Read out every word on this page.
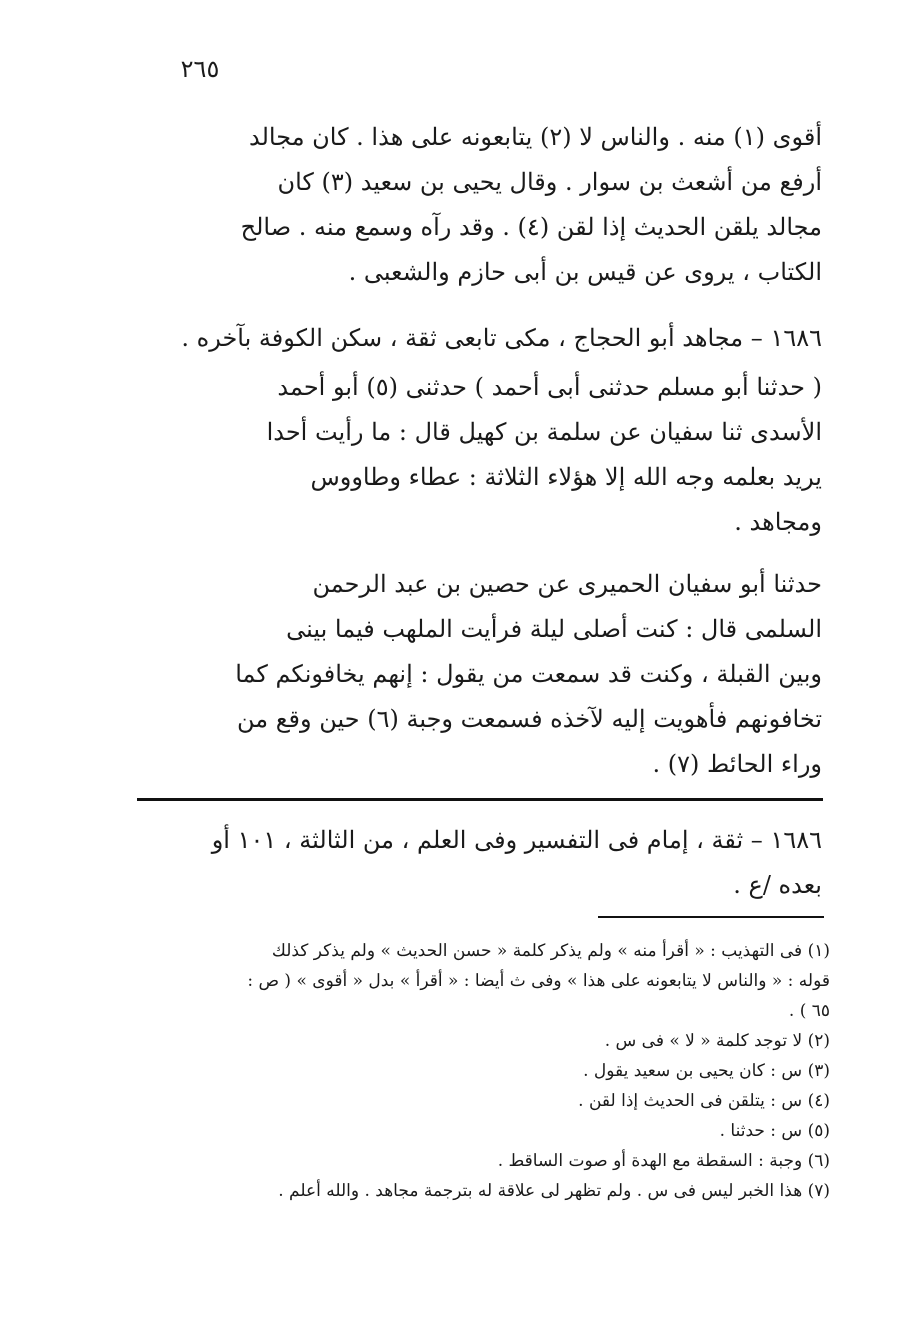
٢٦٥
أقوى (١) منه . والناس لا (٢) يتابعونه على هذا . كان مجالد
أرفع من أشعث بن سوار . وقال يحيى بن سعيد (٣) كان
مجالد يلقن الحديث إذا لقن (٤) . وقد رآه وسمع منه . صالح
الكتاب ، يروى عن قيس بن أبى حازم والشعبى .
١٦٨٦ – مجاهد أبو الحجاج ، مكى تابعى ثقة ، سكن الكوفة بآخره .
( حدثنا أبو مسلم حدثنى أبى أحمد ) حدثنى (٥) أبو أحمد
الأسدى ثنا سفيان عن سلمة بن كهيل قال : ما رأيت أحدا
يريد بعلمه وجه الله إلا هؤلاء الثلاثة : عطاء وطاووس
ومجاهد .
حدثنا أبو سفيان الحميرى عن حصين بن عبد الرحمن
السلمى قال : كنت أصلى ليلة فرأيت الملهب فيما بينى
وبين القبلة ، وكنت قد سمعت من يقول : إنهم يخافونكم كما
تخافونهم فأهويت إليه لآخذه فسمعت وجبة (٦) حين وقع من
وراء الحائط (٧) .
١٦٨٦ – ثقة ، إمام فى التفسير وفى العلم ، من الثالثة ، ١٠١ أو
بعده /ع .
(١) فى التهذيب : « أقرأ منه » ولم يذكر كلمة « حسن الحديث » ولم يذكر كذلك
قوله : « والناس لا يتابعونه على هذا » وفى ث أيضا : « أقرأ » بدل « أقوى » ( ص :
٦٥ ) .
(٢) لا توجد كلمة « لا » فى س .
(٣) س : كان يحيى بن سعيد يقول .
(٤) س : يتلقن فى الحديث إذا لقن .
(٥) س : حدثنا .
(٦) وجبة : السقطة مع الهدة أو صوت الساقط .
(٧) هذا الخبر ليس فى س . ولم تظهر لى علاقة له بترجمة مجاهد . والله أعلم .
